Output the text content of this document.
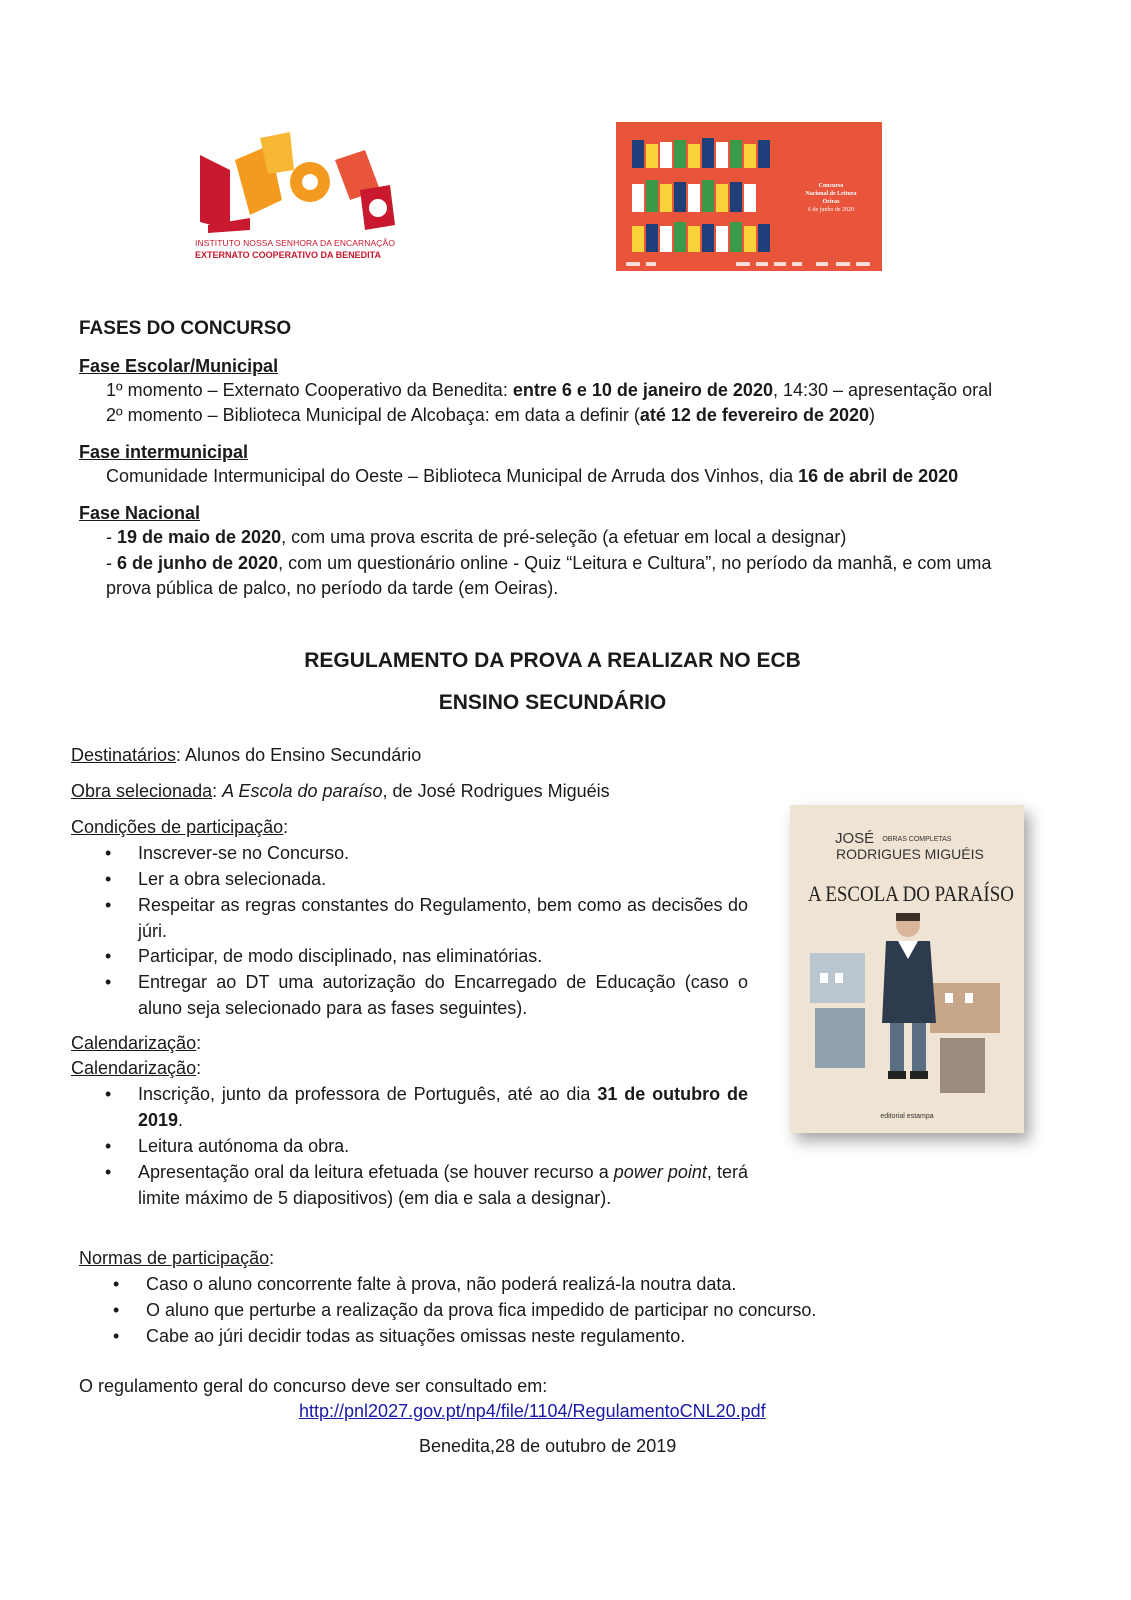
INSTITUTO NOSSA SENHORA DA ENCARNAÇÃO
EXTERNATO COOPERATIVO DA BENEDITA
Concurso
Nacional de Leitura
Oeiras
6 de junho de 2020
FASES DO CONCURSO
Fase Escolar/Municipal
1º momento – Externato Cooperativo da Benedita: entre 6 e 10 de janeiro de 2020, 14:30 – apresentação oral
2º momento – Biblioteca Municipal de Alcobaça: em data a definir (até 12 de fevereiro de 2020)
Fase intermunicipal
Comunidade Intermunicipal do Oeste – Biblioteca Municipal de Arruda dos Vinhos, dia 16 de abril de 2020
Fase Nacional
- 19 de maio de 2020, com uma prova escrita de pré-seleção (a efetuar em local a designar)
- 6 de junho de 2020, com um questionário online - Quiz “Leitura e Cultura”, no período da manhã, e com uma
prova pública de palco, no período da tarde (em Oeiras).
REGULAMENTO DA PROVA A REALIZAR NO ECB
ENSINO SECUNDÁRIO
Destinatários: Alunos do Ensino Secundário
Obra selecionada: A Escola do paraíso, de José Rodrigues Miguéis
Condições de participação:
• Inscrever-se no Concurso.
• Ler a obra selecionada.
• Respeitar as regras constantes do Regulamento, bem como as decisões do júri.
• Participar, de modo disciplinado, nas eliminatórias.
• Entregar ao DT uma autorização do Encarregado de Educação (caso o aluno seja selecionado para as fases seguintes).
Calendarização:
Calendarização:
• Inscrição, junto da professora de Português, até ao dia 31 de outubro de 2019.
• Leitura autónoma da obra.
• Apresentação oral da leitura efetuada (se houver recurso a power point, terá limite máximo de 5 diapositivos) (em dia e sala a designar).
Normas de participação:
• Caso o aluno concorrente falte à prova, não poderá realizá-la noutra data.
• O aluno que perturbe a realização da prova fica impedido de participar no concurso.
• Cabe ao júri decidir todas as situações omissas neste regulamento.
O regulamento geral do concurso deve ser consultado em:
http://pnl2027.gov.pt/np4/file/1104/RegulamentoCNL20.pdf
Benedita,28 de outubro de 2019
JOSÉ OBRAS COMPLETAS
RODRIGUES MIGUÉIS
A ESCOLA DO PARAÍSO
editorial estampa
